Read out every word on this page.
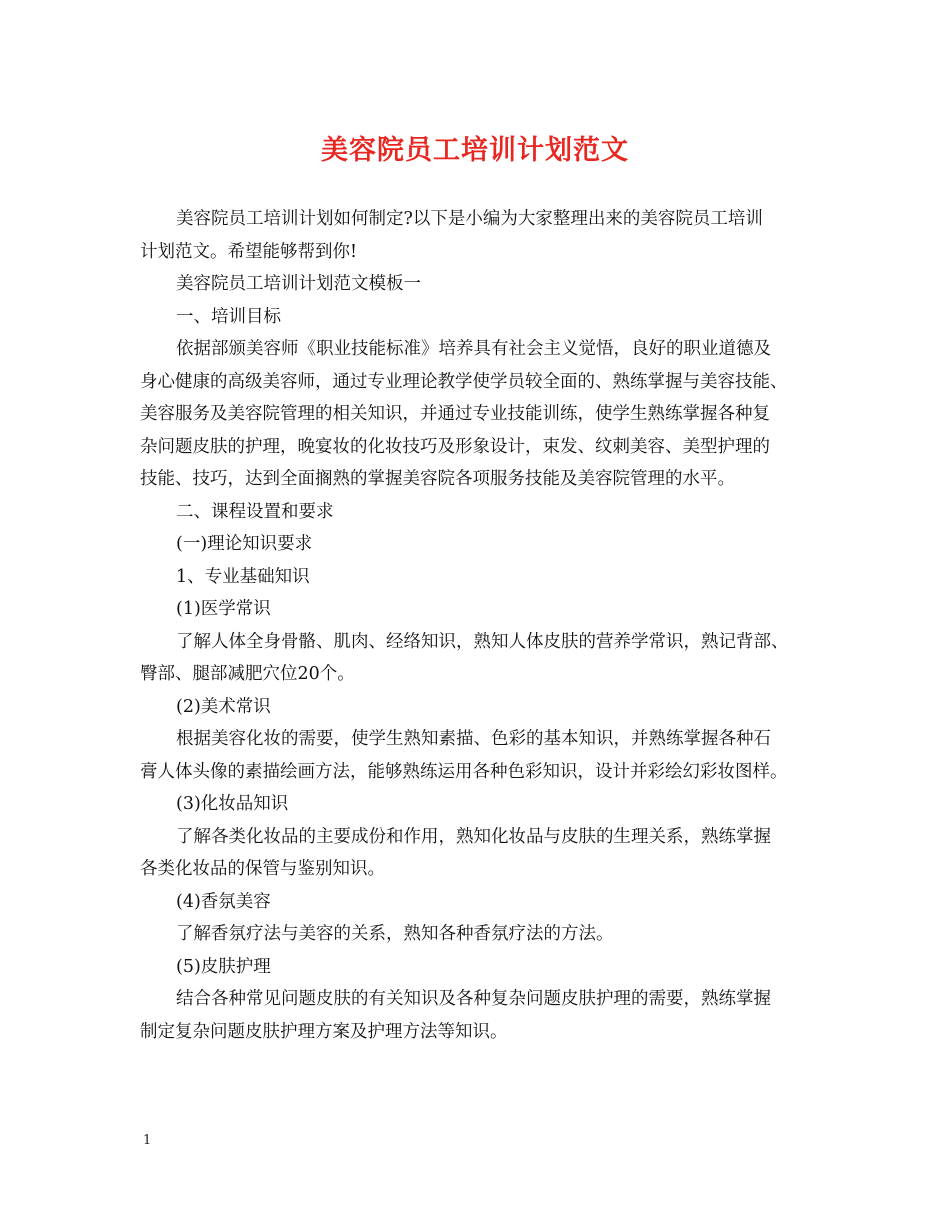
美容院员工培训计划范文

美容院员工培训计划如何制定?以下是小编为大家整理出来的美容院员工培训

计划范文。希望能够帮到你!

美容院员工培训计划范文模板一

一、培训目标

依据部颁美容师《职业技能标准》培养具有社会主义觉悟，良好的职业道德及

身心健康的高级美容师，通过专业理论教学使学员较全面的、熟练掌握与美容技能、

美容服务及美容院管理的相关知识，并通过专业技能训练，使学生熟练掌握各种复

杂问题皮肤的护理，晚宴妆的化妆技巧及形象设计，束发、纹刺美容、美型护理的

技能、技巧，达到全面搁熟的掌握美容院各项服务技能及美容院管理的水平。

二、课程设置和要求

(一)理论知识要求

1、专业基础知识

(1)医学常识

了解人体全身骨骼、肌肉、经络知识，熟知人体皮肤的营养学常识，熟记背部、

臀部、腿部减肥穴位20个。

(2)美术常识

根据美容化妆的需要，使学生熟知素描、色彩的基本知识，并熟练掌握各种石

膏人体头像的素描绘画方法，能够熟练运用各种色彩知识，设计并彩绘幻彩妆图样。

(3)化妆品知识

了解各类化妆品的主要成份和作用，熟知化妆品与皮肤的生理关系，熟练掌握

各类化妆品的保管与鉴别知识。

(4)香氛美容

了解香氛疗法与美容的关系，熟知各种香氛疗法的方法。

(5)皮肤护理

结合各种常见问题皮肤的有关知识及各种复杂问题皮肤护理的需要，熟练掌握

制定复杂问题皮肤护理方案及护理方法等知识。

1
